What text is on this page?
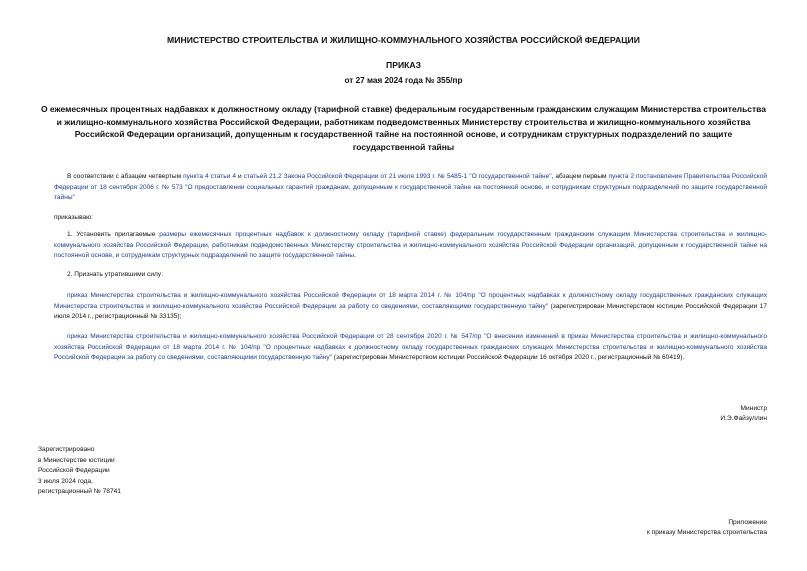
МИНИСТЕРСТВО СТРОИТЕЛЬСТВА И ЖИЛИЩНО-КОММУНАЛЬНОГО ХОЗЯЙСТВА РОССИЙСКОЙ ФЕДЕРАЦИИ
ПРИКАЗ
от 27 мая 2024 года № 355/пр
О ежемесячных процентных надбавках к должностному окладу (тарифной ставке) федеральным государственным гражданским служащим Министерства строительства и жилищно-коммунального хозяйства Российской Федерации, работникам подведомственных Министерству строительства и жилищно-коммунального хозяйства Российской Федерации организаций, допущенным к государственной тайне на постоянной основе, и сотрудникам структурных подразделений по защите государственной тайны
В соответствии с абзацем четвертым пункта 4 статьи 4 и статьей 21.2 Закона Российской Федерации от 21 июля 1993 г. № 5485-1 "О государственной тайне", абзацем первым пункта 2 постановления Правительства Российской Федерации от 18 сентября 2006 г. № 573 "О предоставлении социальных гарантий гражданам, допущенным к государственной тайне на постоянной основе, и сотрудникам структурных подразделений по защите государственной тайны"
приказываю:
1. Установить прилагаемые размеры ежемесячных процентных надбавок к должностному окладу (тарифной ставке) федеральным государственным гражданским служащим Министерства строительства и жилищно-коммунального хозяйства Российской Федерации, работникам подведомственных Министерству строительства и жилищно-коммунального хозяйства Российской Федерации организаций, допущенным к государственной тайне на постоянной основе, и сотрудникам структурных подразделений по защите государственной тайны.
2. Признать утратившими силу:
приказ Министерства строительства и жилищно-коммунального хозяйства Российской Федерации от 18 марта 2014 г. № 104/пр "О процентных надбавках к должностному окладу государственных гражданских служащих Министерства строительства и жилищно-коммунального хозяйства Российской Федерации за работу со сведениями, составляющими государственную тайну" (зарегистрирован Министерством юстиции Российской Федерации 17 июля 2014 г., регистрационный № 33135);
приказ Министерства строительства и жилищно-коммунального хозяйства Российской Федерации от 28 сентября 2020 г. № 547/пр "О внесении изменений в приказ Министерства строительства и жилищно-коммунального хозяйства Российской Федерации от 18 марта 2014 г. № 104/пр "О процентных надбавках к должностному окладу государственных гражданских служащих Министерства строительства и жилищно-коммунального хозяйства Российской Федерации за работу со сведениями, составляющими государственную тайну" (зарегистрирован Министерством юстиции Российской Федерации 16 октября 2020 г., регистрационный № 60419).
Министр
И.Э.Файзуллин
Зарегистрировано
в Министерстве юстиции
Российской Федерации
3 июля 2024 года,
регистрационный № 78741
Приложение
к приказу Министерства строительства
